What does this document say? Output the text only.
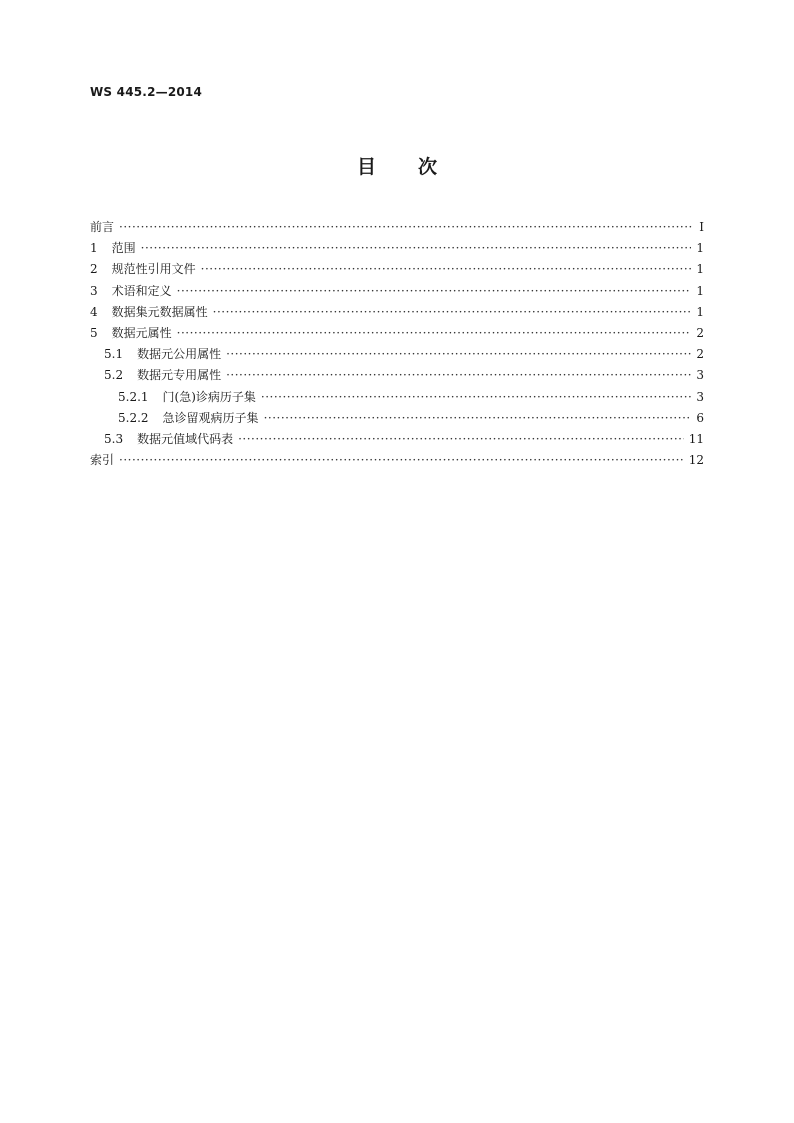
WS 445.2—2014
目次
前言 ·····	Ⅰ
1 范围 ·····	1
2 规范性引用文件 ·····	1
3 术语和定义 ·····	1
4 数据集元数据属性 ·····	1
5 数据元属性 ·····	2
5.1 数据元公用属性 ·····	2
5.2 数据元专用属性 ·····	3
5.2.1 门(急)诊病历子集 ·····	3
5.2.2 急诊留观病历子集 ·····	6
5.3 数据元值域代码表 ·····	11
索引 ·····	12
